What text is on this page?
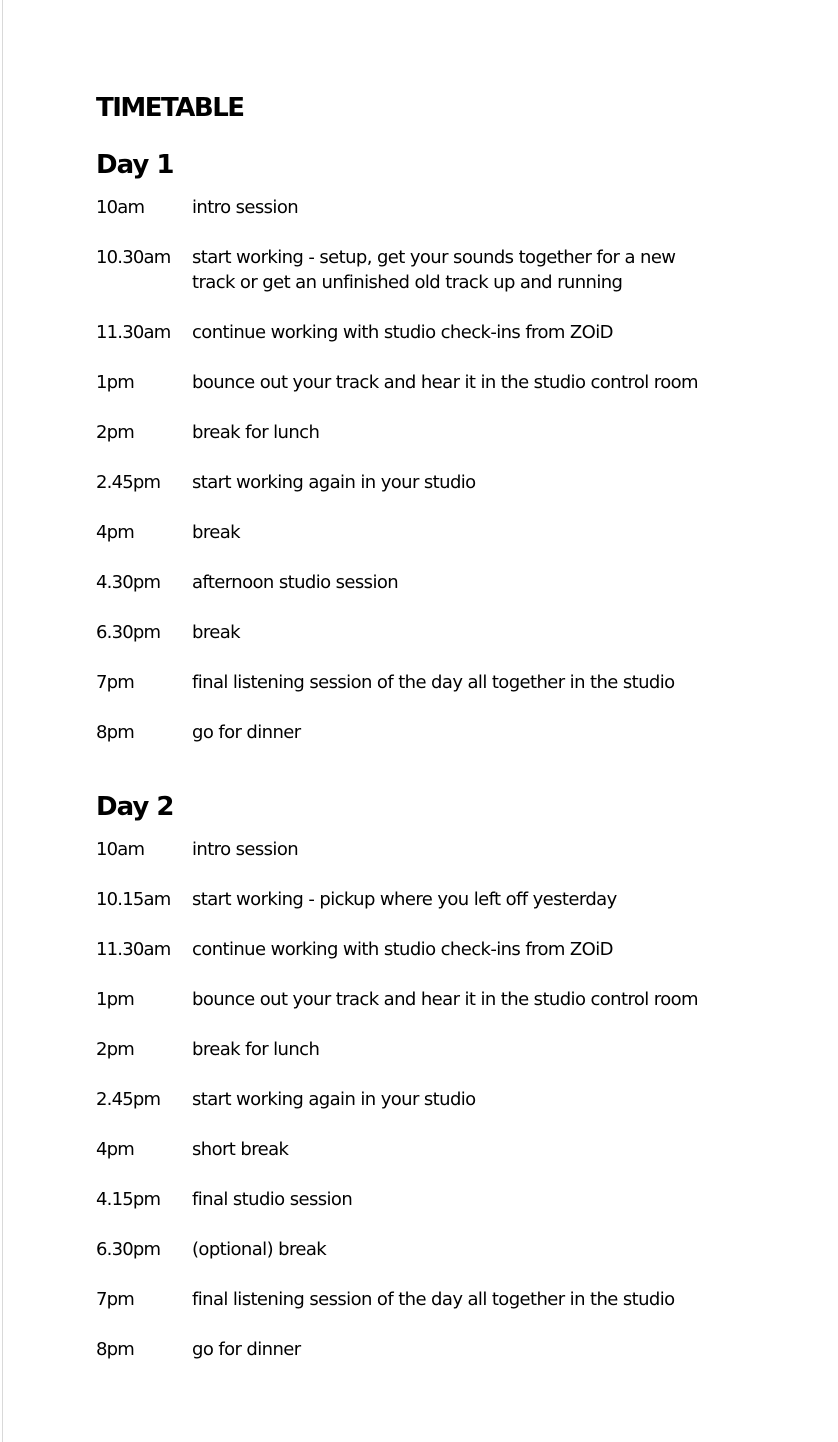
TIMETABLE
Day 1
10am	intro session
10.30am	start working - setup, get your sounds together for a new
track or get an unfinished old track up and running
11.30am	continue working with studio check-ins from ZOiD
1pm	bounce out your track and hear it in the studio control room
2pm	break for lunch
2.45pm	start working again in your studio
4pm	break
4.30pm	afternoon studio session
6.30pm	break
7pm	final listening session of the day all together in the studio
8pm	go for dinner
Day 2
10am	intro session
10.15am	start working - pickup where you left off yesterday
11.30am	continue working with studio check-ins from ZOiD
1pm	bounce out your track and hear it in the studio control room
2pm	break for lunch
2.45pm	start working again in your studio
4pm	short break
4.15pm	final studio session
6.30pm	(optional) break
7pm	final listening session of the day all together in the studio
8pm	go for dinner
